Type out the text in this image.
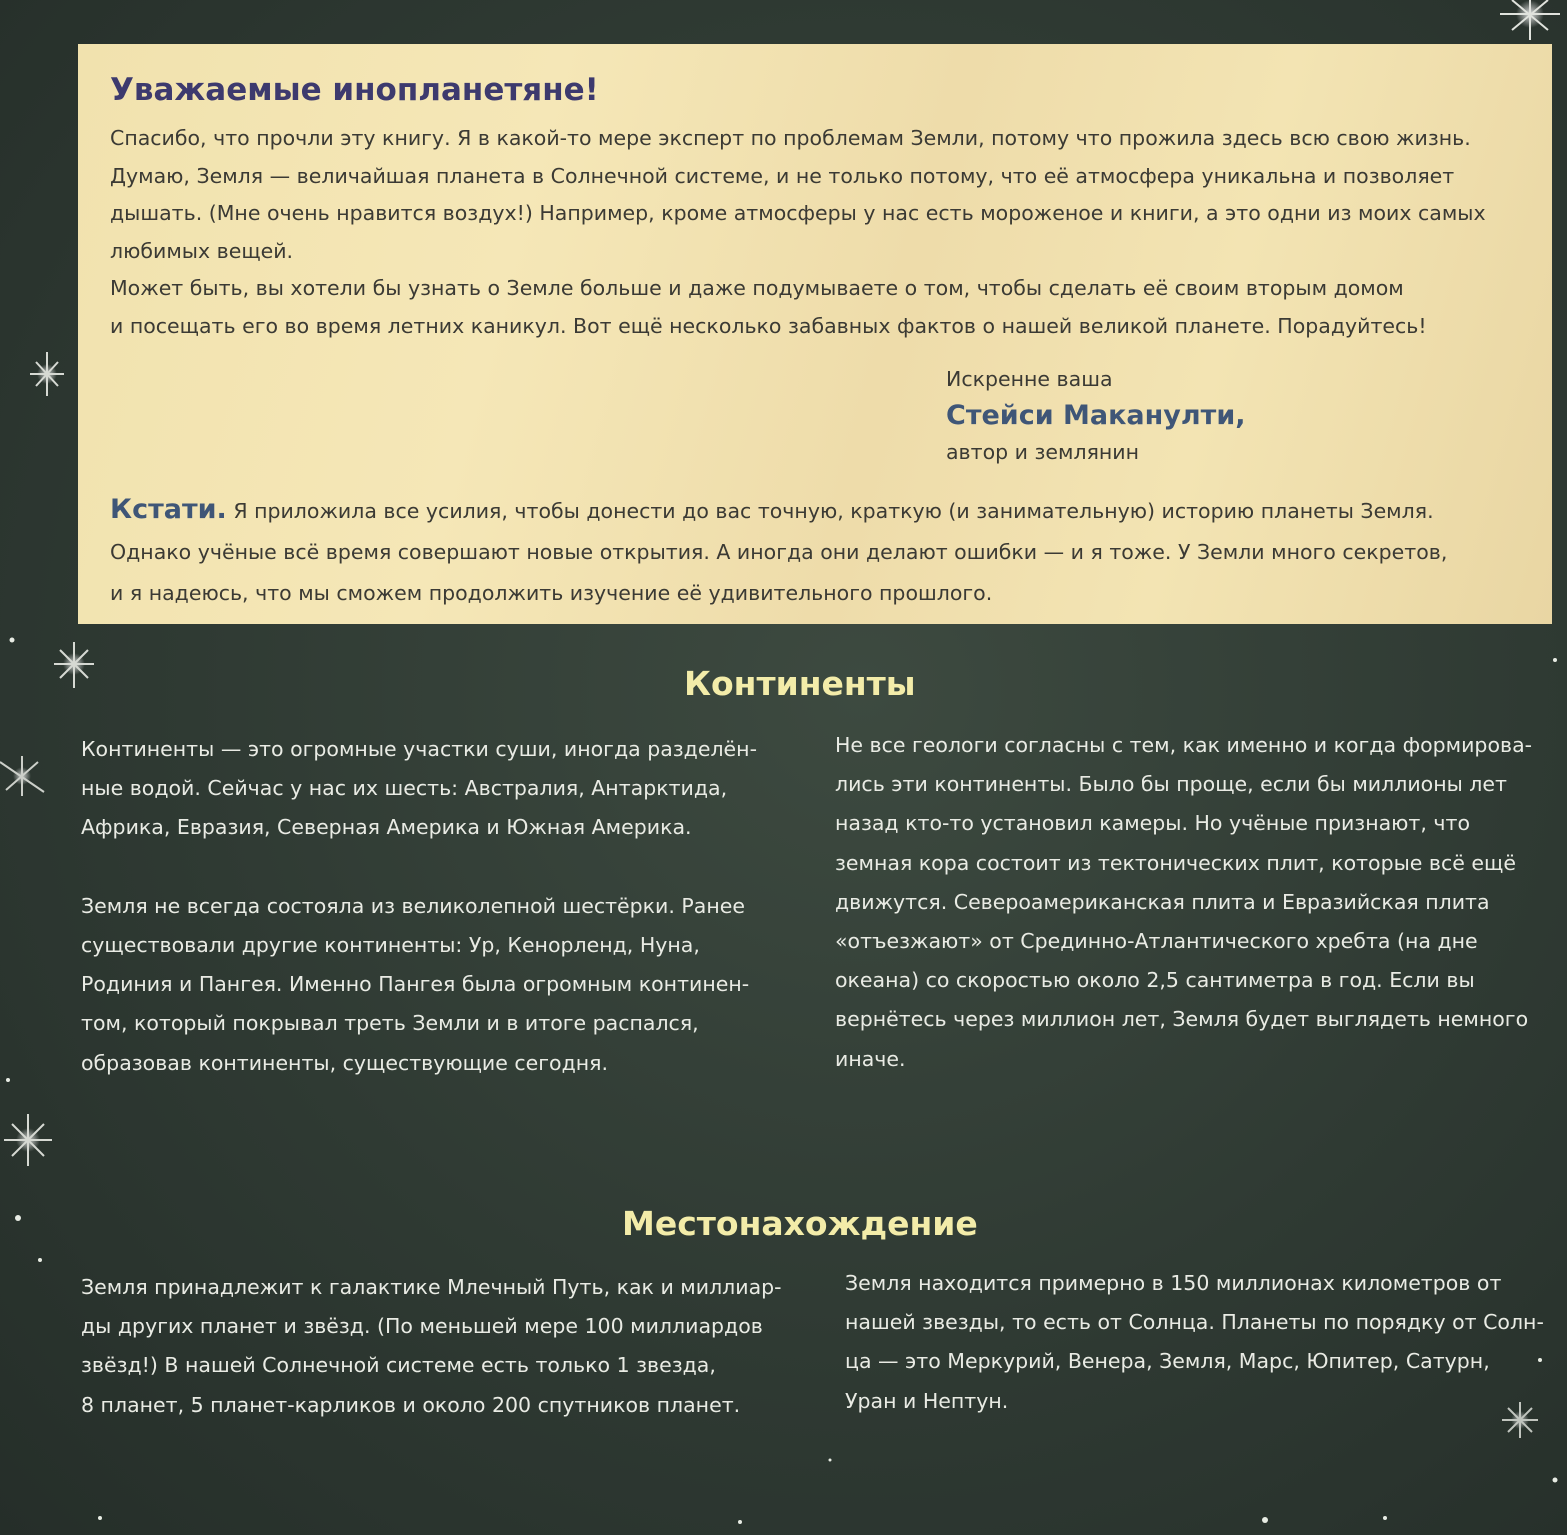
Уважаемые инопланетяне!

Спасибо, что прочли эту книгу. Я в какой-то мере эксперт по проблемам Земли, потому что прожила здесь всю свою жизнь.

Думаю, Земля — величайшая планета в Солнечной системе, и не только потому, что её атмосфера уникальна и позволяет

дышать. (Мне очень нравится воздух!) Например, кроме атмосферы у нас есть мороженое и книги, а это одни из моих самых

любимых вещей.

Может быть, вы хотели бы узнать о Земле больше и даже подумываете о том, чтобы сделать её своим вторым домом

и посещать его во время летних каникул. Вот ещё несколько забавных фактов о нашей великой планете. Порадуйтесь!

Искренне ваша
Стейси Маканулти,
автор и землянин
Кстати. Я приложила все усилия, чтобы донести до вас точную, краткую (и занимательную) историю планеты Земля.
Однако учёные всё время совершают новые открытия. А иногда они делают ошибки — и я тоже. У Земли много секретов,
и я надеюсь, что мы сможем продолжить изучение её удивительного прошлого.
Континенты
Континенты — это огромные участки суши, иногда разделён-
ные водой. Сейчас у нас их шесть: Австралия, Антарктида,
Африка, Евразия, Северная Америка и Южная Америка.
Земля не всегда состояла из великолепной шестёрки. Ранее
существовали другие континенты: Ур, Кенорленд, Нуна,
Родиния и Пангея. Именно Пангея была огромным континен-
том, который покрывал треть Земли и в итоге распался,
образовав континенты, существующие сегодня.
Не все геологи согласны с тем, как именно и когда формирова-
лись эти континенты. Было бы проще, если бы миллионы лет
назад кто-то установил камеры. Но учёные признают, что
земная кора состоит из тектонических плит, которые всё ещё
движутся. Североамериканская плита и Евразийская плита
«отъезжают» от Срединно-Атлантического хребта (на дне
океана) со скоростью около 2,5 сантиметра в год. Если вы
вернётесь через миллион лет, Земля будет выглядеть немного
иначе.
Местонахождение
Земля принадлежит к галактике Млечный Путь, как и миллиар-
ды других планет и звёзд. (По меньшей мере 100 миллиардов
звёзд!) В нашей Солнечной системе есть только 1 звезда,
8 планет, 5 планет-карликов и около 200 спутников планет.
Земля находится примерно в 150 миллионах километров от
нашей звезды, то есть от Солнца. Планеты по порядку от Солн-
ца — это Меркурий, Венера, Земля, Марс, Юпитер, Сатурн,
Уран и Нептун.
